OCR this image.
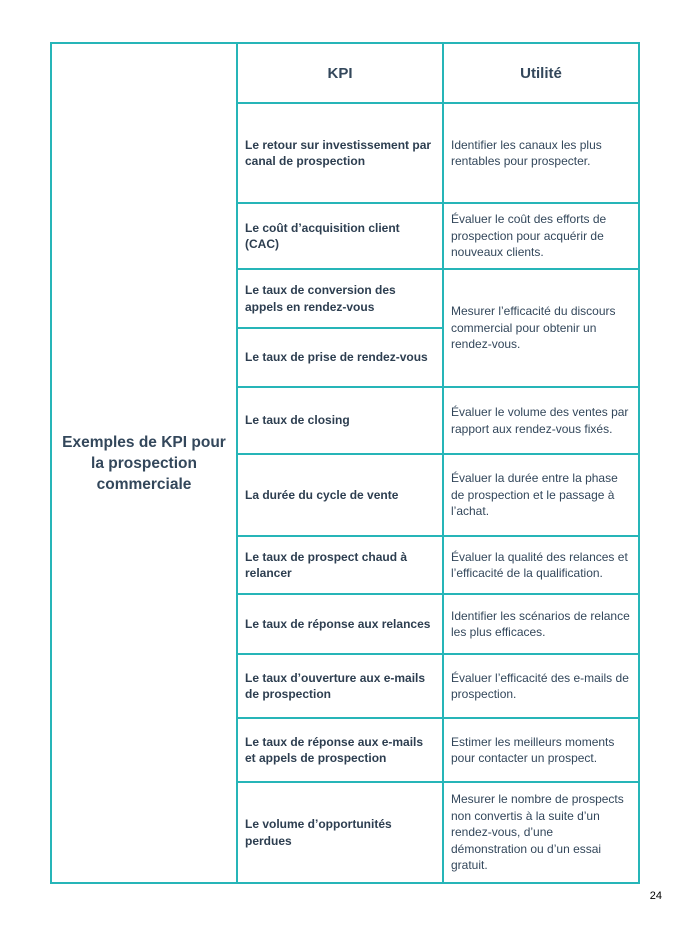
Exemples de KPI pour la prospection commerciale	KPI	Utilité
	Le retour sur investissement par canal de prospection	Identifier les canaux les plus rentables pour prospecter.
	Le coût d’acquisition client (CAC)	Évaluer le coût des efforts de prospection pour acquérir de nouveaux clients.
	Le taux de conversion des appels en rendez-vous	Mesurer l’efficacité du discours commercial pour obtenir un rendez-vous.
	Le taux de prise de rendez-vous	
	Le taux de closing	Évaluer le volume des ventes par rapport aux rendez-vous fixés.
	La durée du cycle de vente	Évaluer la durée entre la phase de prospection et le passage à l’achat.
	Le taux de prospect chaud à relancer	Évaluer la qualité des relances et l’efficacité de la qualification.
	Le taux de réponse aux relances	Identifier les scénarios de relance les plus efficaces.
	Le taux d’ouverture aux e-mails de prospection	Évaluer l’efficacité des e-mails de prospection.
	Le taux de réponse aux e-mails et appels de prospection	Estimer les meilleurs moments pour contacter un prospect.
	Le volume d’opportunités perdues	Mesurer le nombre de prospects non convertis à la suite d’un rendez-vous, d’une démonstration ou d’un essai gratuit.
24
